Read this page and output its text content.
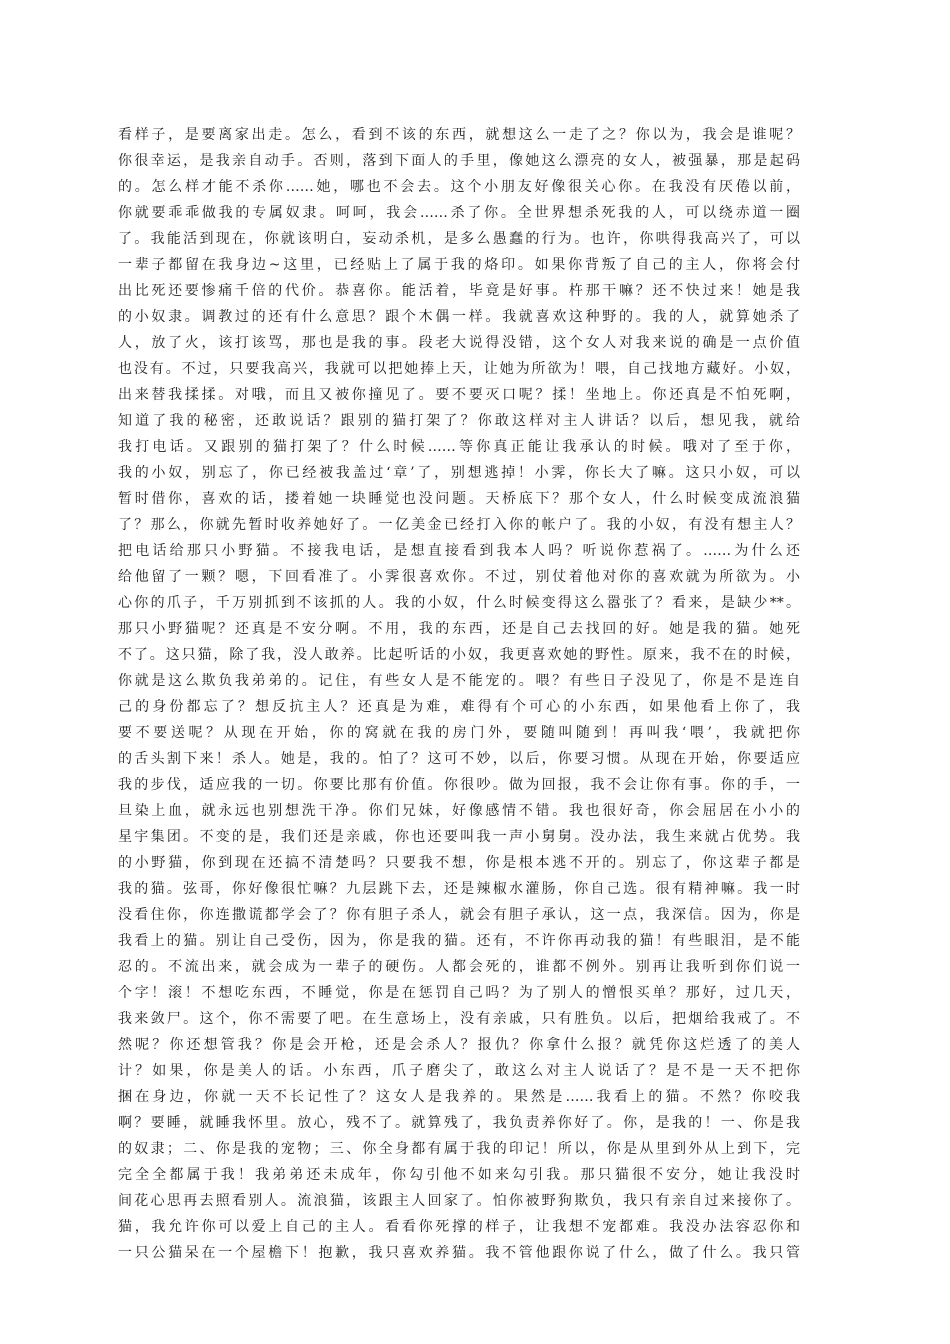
看样子，是要离家出走。怎么，看到不该的东西，就想这么一走了之？你以为，我会是谁呢？
你很幸运，是我亲自动手。否则，落到下面人的手里，像她这么漂亮的女人，被强暴，那是起码
的。怎么样才能不杀你……她，哪也不会去。这个小朋友好像很关心你。在我没有厌倦以前，
你就要乖乖做我的专属奴隶。呵呵，我会……杀了你。全世界想杀死我的人，可以绕赤道一圈
了。我能活到现在，你就该明白，妄动杀机，是多么愚蠢的行为。也许，你哄得我高兴了，可以
一辈子都留在我身边~这里，已经贴上了属于我的烙印。如果你背叛了自己的主人，你将会付
出比死还要惨痛千倍的代价。恭喜你。能活着，毕竟是好事。杵那干嘛？还不快过来！她是我
的小奴隶。调教过的还有什么意思？跟个木偶一样。我就喜欢这种野的。我的人，就算她杀了
人，放了火，该打该骂，那也是我的事。段老大说得没错，这个女人对我来说的确是一点价值
也没有。不过，只要我高兴，我就可以把她捧上天，让她为所欲为！喂，自己找地方藏好。小奴，
出来替我揉揉。对哦，而且又被你撞见了。要不要灭口呢？揉！坐地上。你还真是不怕死啊，
知道了我的秘密，还敢说话？跟别的猫打架了？你敢这样对主人讲话？以后，想见我，就给
我打电话。又跟别的猫打架了？什么时候……等你真正能让我承认的时候。哦对了至于你，
我的小奴，别忘了，你已经被我盖过‘章’了，别想逃掉！小霁，你长大了嘛。这只小奴，可以
暂时借你，喜欢的话，搂着她一块睡觉也没问题。天桥底下？那个女人，什么时候变成流浪猫
了？那么，你就先暂时收养她好了。一亿美金已经打入你的帐户了。我的小奴，有没有想主人？
把电话给那只小野猫。不接我电话，是想直接看到我本人吗？听说你惹祸了。……为什么还
给他留了一颗？嗯，下回看准了。小霁很喜欢你。不过，别仗着他对你的喜欢就为所欲为。小
心你的爪子，千万别抓到不该抓的人。我的小奴，什么时候变得这么嚣张了？看来，是缺少**。
那只小野猫呢？还真是不安分啊。不用，我的东西，还是自己去找回的好。她是我的猫。她死
不了。这只猫，除了我，没人敢养。比起听话的小奴，我更喜欢她的野性。原来，我不在的时候，
你就是这么欺负我弟弟的。记住，有些女人是不能宠的。喂？有些日子没见了，你是不是连自
己的身份都忘了？想反抗主人？还真是为难，难得有个可心的小东西，如果他看上你了，我
要不要送呢？从现在开始，你的窝就在我的房门外，要随叫随到！再叫我‘喂’，我就把你
的舌头割下来！杀人。她是，我的。怕了？这可不妙，以后，你要习惯。从现在开始，你要适应
我的步伐，适应我的一切。你要比那有价值。你很吵。做为回报，我不会让你有事。你的手，一
旦染上血，就永远也别想洗干净。你们兄妹，好像感情不错。我也很好奇，你会屈居在小小的
星宇集团。不变的是，我们还是亲戚，你也还要叫我一声小舅舅。没办法，我生来就占优势。我
的小野猫，你到现在还搞不清楚吗？只要我不想，你是根本逃不开的。别忘了，你这辈子都是
我的猫。弦哥，你好像很忙嘛？九层跳下去，还是辣椒水灌肠，你自己选。很有精神嘛。我一时
没看住你，你连撒谎都学会了？你有胆子杀人，就会有胆子承认，这一点，我深信。因为，你是
我看上的猫。别让自己受伤，因为，你是我的猫。还有，不许你再动我的猫！有些眼泪，是不能
忍的。不流出来，就会成为一辈子的硬伤。人都会死的，谁都不例外。别再让我听到你们说一
个字！滚！不想吃东西，不睡觉，你是在惩罚自己吗？为了别人的憎恨买单？那好，过几天，
我来敛尸。这个，你不需要了吧。在生意场上，没有亲戚，只有胜负。以后，把烟给我戒了。不
然呢？你还想管我？你是会开枪，还是会杀人？报仇？你拿什么报？就凭你这烂透了的美人
计？如果，你是美人的话。小东西，爪子磨尖了，敢这么对主人说话了？是不是一天不把你
捆在身边，你就一天不长记性了？这女人是我养的。果然是……我看上的猫。不然？你咬我
啊？要睡，就睡我怀里。放心，残不了。就算残了，我负责养你好了。你，是我的！一、你是我
的奴隶；二、你是我的宠物；三、你全身都有属于我的印记！所以，你是从里到外从上到下，完
完全全都属于我！我弟弟还未成年，你勾引他不如来勾引我。那只猫很不安分，她让我没时
间花心思再去照看别人。流浪猫，该跟主人回家了。怕你被野狗欺负，我只有亲自过来接你了。
猫，我允许你可以爱上自己的主人。看看你死撑的样子，让我想不宠都难。我没办法容忍你和
一只公猫呆在一个屋檐下！抱歉，我只喜欢养猫。我不管他跟你说了什么，做了什么。我只管
